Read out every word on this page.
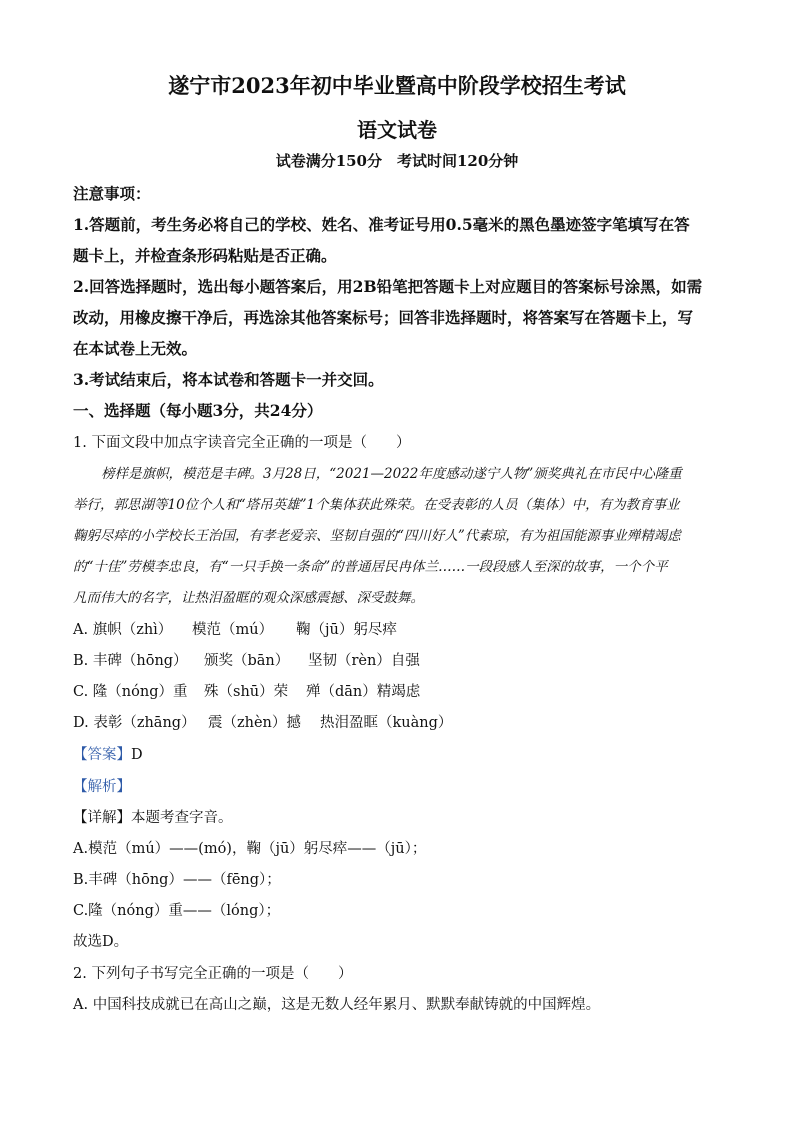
遂宁市2023年初中毕业暨高中阶段学校招生考试
语文试卷
试卷满分150分　考试时间120分钟
注意事项：
1.答题前，考生务必将自己的学校、姓名、准考证号用0.5毫米的黑色墨迹签字笔填写在答
题卡上，并检查条形码粘贴是否正确。
2.回答选择题时，选出每小题答案后，用2B铅笔把答题卡上对应题目的答案标号涂黑，如需
改动，用橡皮擦干净后，再选涂其他答案标号；回答非选择题时，将答案写在答题卡上，写
在本试卷上无效。
3.考试结束后，将本试卷和答题卡一并交回。
一、选择题（每小题3分，共24分）
1. 下面文段中加点字读音完全正确的一项是（　　）
榜样是旗帜，模范是丰碑。3月28日，“2021—2022年度感动遂宁人物”颁奖典礼在市民中心隆重
举行，郭思湖等10位个人和“塔吊英雄”1个集体获此殊荣。在受表彰的人员（集体）中，有为教育事业
鞠躬尽瘁的小学校长王治国，有孝老爱亲、坚韧自强的“四川好人”代素琼，有为祖国能源事业殚精竭虑
的“十佳”劳模李忠良，有“一只手换一条命”的普通居民冉体兰……一段段感人至深的故事，一个个平
凡而伟大的名字，让热泪盈眶的观众深感震撼、深受鼓舞。
A. 旗帜（zhì） 模范（mú） 鞠（jū）躬尽瘁
B. 丰碑（hōng） 颁奖（bān） 坚韧（rèn）自强
C. 隆（nóng）重 殊（shū）荣 殚（dān）精竭虑
D. 表彰（zhāng） 震（zhèn）撼 热泪盈眶（kuàng）
【答案】D
【解析】
【详解】本题考查字音。
A.模范（mú）——(mó)，鞠（jū）躬尽瘁——（jū）；
B.丰碑（hōng）——（fēng）；
C.隆（nóng）重——（lóng）；
故选D。
2. 下列句子书写完全正确的一项是（　　）
A. 中国科技成就已在高山之巅，这是无数人经年累月、默默奉献铸就的中国辉煌。
